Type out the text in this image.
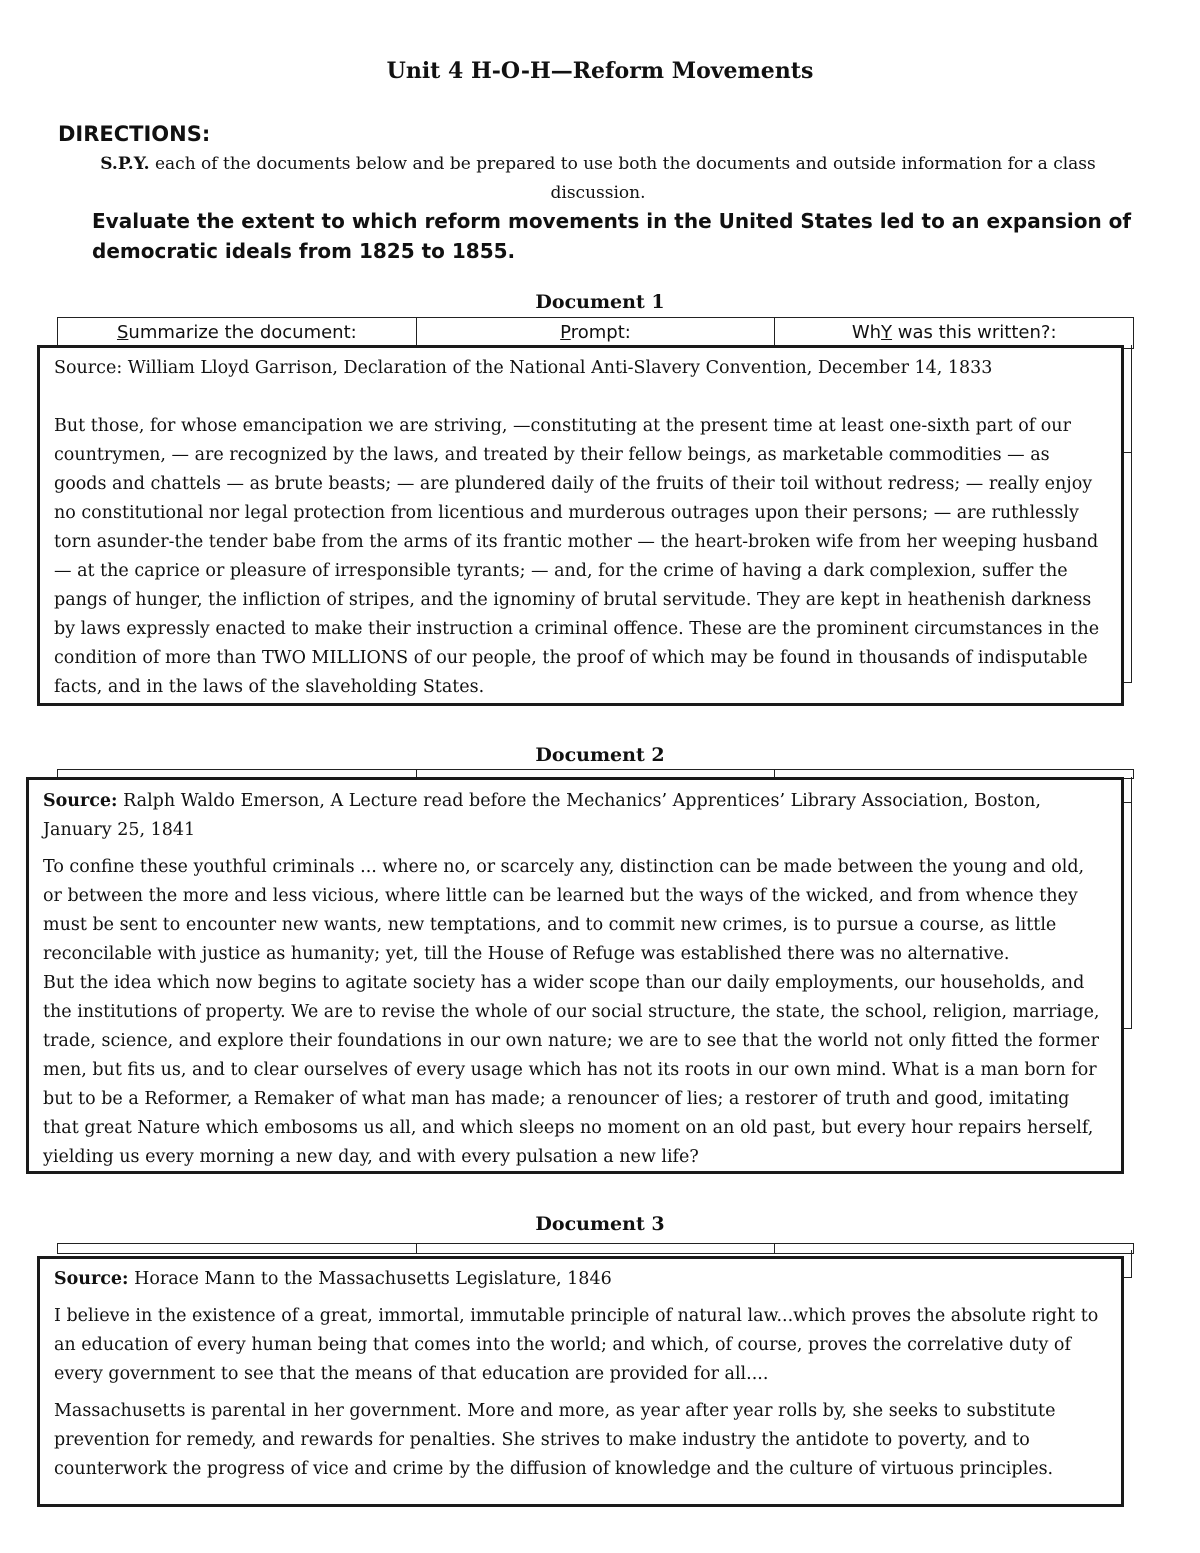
Unit 4 H-O-H—Reform Movements
DIRECTIONS:
S.P.Y. each of the documents below and be prepared to use both the documents and outside information for a class discussion.
Evaluate the extent to which reform movements in the United States led to an expansion of democratic ideals from 1825 to 1855.
Document 1
Summarize the document:	Prompt:	WhY was this written?:

Source: William Lloyd Garrison, Declaration of the National Anti-Slavery Convention, December 14, 1833

But those, for whose emancipation we are striving, —constituting at the present time at least one-sixth part of our countrymen, — are recognized by the laws, and treated by their fellow beings, as marketable commodities — as goods and chattels — as brute beasts; — are plundered daily of the fruits of their toil without redress; — really enjoy no constitutional nor legal protection from licentious and murderous outrages upon their persons; — are ruthlessly torn asunder-the tender babe from the arms of its frantic mother — the heart-broken wife from her weeping husband — at the caprice or pleasure of irresponsible tyrants; — and, for the crime of having a dark complexion, suffer the pangs of hunger, the infliction of stripes, and the ignominy of brutal servitude. They are kept in heathenish darkness by laws expressly enacted to make their instruction a criminal offence. These are the prominent circumstances in the condition of more than TWO MILLIONS of our people, the proof of which may be found in thousands of indisputable facts, and in the laws of the slaveholding States.

Document 2

Source: Ralph Waldo Emerson, A Lecture read before the Mechanics’ Apprentices’ Library Association, Boston, January 25, 1841

To confine these youthful criminals ... where no, or scarcely any, distinction can be made between the young and old, or between the more and less vicious, where little can be learned but the ways of the wicked, and from whence they must be sent to encounter new wants, new temptations, and to commit new crimes, is to pursue a course, as little reconcilable with justice as humanity; yet, till the House of Refuge was established there was no alternative.

But the idea which now begins to agitate society has a wider scope than our daily employments, our households, and the institutions of property. We are to revise the whole of our social structure, the state, the school, religion, marriage, trade, science, and explore their foundations in our own nature; we are to see that the world not only fitted the former men, but fits us, and to clear ourselves of every usage which has not its roots in our own mind. What is a man born for but to be a Reformer, a Remaker of what man has made; a renouncer of lies; a restorer of truth and good, imitating that great Nature which embosoms us all, and which sleeps no moment on an old past, but every hour repairs herself, yielding us every morning a new day, and with every pulsation a new life?

Document 3

Source: Horace Mann to the Massachusetts Legislature, 1846

I believe in the existence of a great, immortal, immutable principle of natural law...which proves the absolute right to an education of every human being that comes into the world; and which, of course, proves the correlative duty of every government to see that the means of that education are provided for all....

Massachusetts is parental in her government. More and more, as year after year rolls by, she seeks to substitute prevention for remedy, and rewards for penalties. She strives to make industry the antidote to poverty, and to counterwork the progress of vice and crime by the diffusion of knowledge and the culture of virtuous principles.
